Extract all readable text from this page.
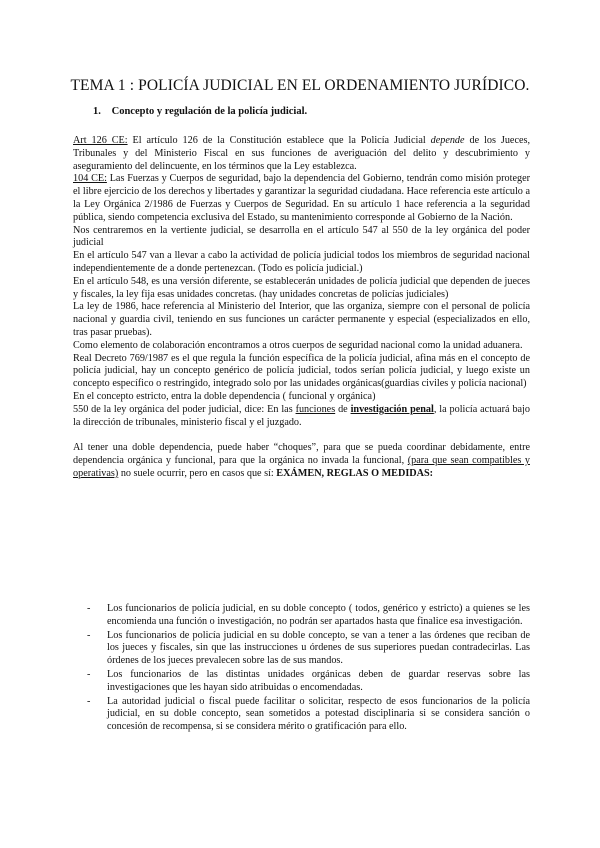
TEMA 1 : POLICÍA JUDICIAL EN EL ORDENAMIENTO JURÍDICO.
1. Concepto y regulación de la policía judicial.

Art 126 CE: El artículo 126 de la Constitución establece que la Policía Judicial depende de los Jueces, Tribunales y del Ministerio Fiscal en sus funciones de averiguación del delito y descubrimiento y aseguramiento del delincuente, en los términos que la Ley establezca.

104 CE: Las Fuerzas y Cuerpos de seguridad, bajo la dependencia del Gobierno, tendrán como misión proteger el libre ejercicio de los derechos y libertades y garantizar la seguridad ciudadana. Hace referencia este artículo a la Ley Orgánica 2/1986 de Fuerzas y Cuerpos de Seguridad. En su artículo 1 hace referencia a la seguridad pública, siendo competencia exclusiva del Estado, su mantenimiento corresponde al Gobierno de la Nación.

Nos centraremos en la vertiente judicial, se desarrolla en el artículo 547 al 550 de la ley orgánica del poder judicial

En el artículo 547 van a llevar a cabo la actividad de policía judicial todos los miembros de seguridad nacional independientemente de a donde pertenezcan. (Todo es policía judicial.)

En el artículo 548, es una versión diferente, se establecerán unidades de policía judicial que dependen de jueces y fiscales, la ley fija esas unidades concretas. (hay unidades concretas de policías judiciales)

La ley de 1986, hace referencia al Ministerio del Interior, que las organiza, siempre con el personal de policía nacional y guardia civil, teniendo en sus funciones un carácter permanente y especial (especializados en ello, tras pasar pruebas).

Como elemento de colaboración encontramos a otros cuerpos de seguridad nacional como la unidad aduanera.

Real Decreto 769/1987 es el que regula la función específica de la policía judicial, afina más en el concepto de policía judicial, hay un concepto genérico de policía judicial, todos serían policía judicial, y luego existe un concepto específico o restringido, integrado solo por las unidades orgánicas(guardias civiles y policía nacional)

En el concepto estricto, entra la doble dependencia ( funcional y orgánica)

550 de la ley orgánica del poder judicial, dice: En las funciones de investigación penal, la policía actuará bajo la dirección de tribunales, ministerio fiscal y el juzgado.

Al tener una doble dependencia, puede haber “choques”, para que se pueda coordinar debidamente, entre dependencia orgánica y funcional, para que la orgánica no invada la funcional, (para que sean compatibles y operativas) no suele ocurrir, pero en casos que sí: EXÁMEN, REGLAS O MEDIDAS:

- Los funcionarios de policía judicial, en su doble concepto ( todos, genérico y estricto) a quienes se les encomienda una función o investigación, no podrán ser apartados hasta que finalice esa investigación.
- Los funcionarios de policía judicial en su doble concepto, se van a tener a las órdenes que reciban de los jueces y fiscales, sin que las instrucciones u órdenes de sus superiores puedan contradecirlas. Las órdenes de los jueces prevalecen sobre las de sus mandos.
- Los funcionarios de las distintas unidades orgánicas deben de guardar reservas sobre las investigaciones que les hayan sido atribuidas o encomendadas.
- La autoridad judicial o fiscal puede facilitar o solicitar, respecto de esos funcionarios de la policía judicial, en su doble concepto, sean sometidos a potestad disciplinaria si se considera sanción o concesión de recompensa, si se considera mérito o gratificación para ello.
